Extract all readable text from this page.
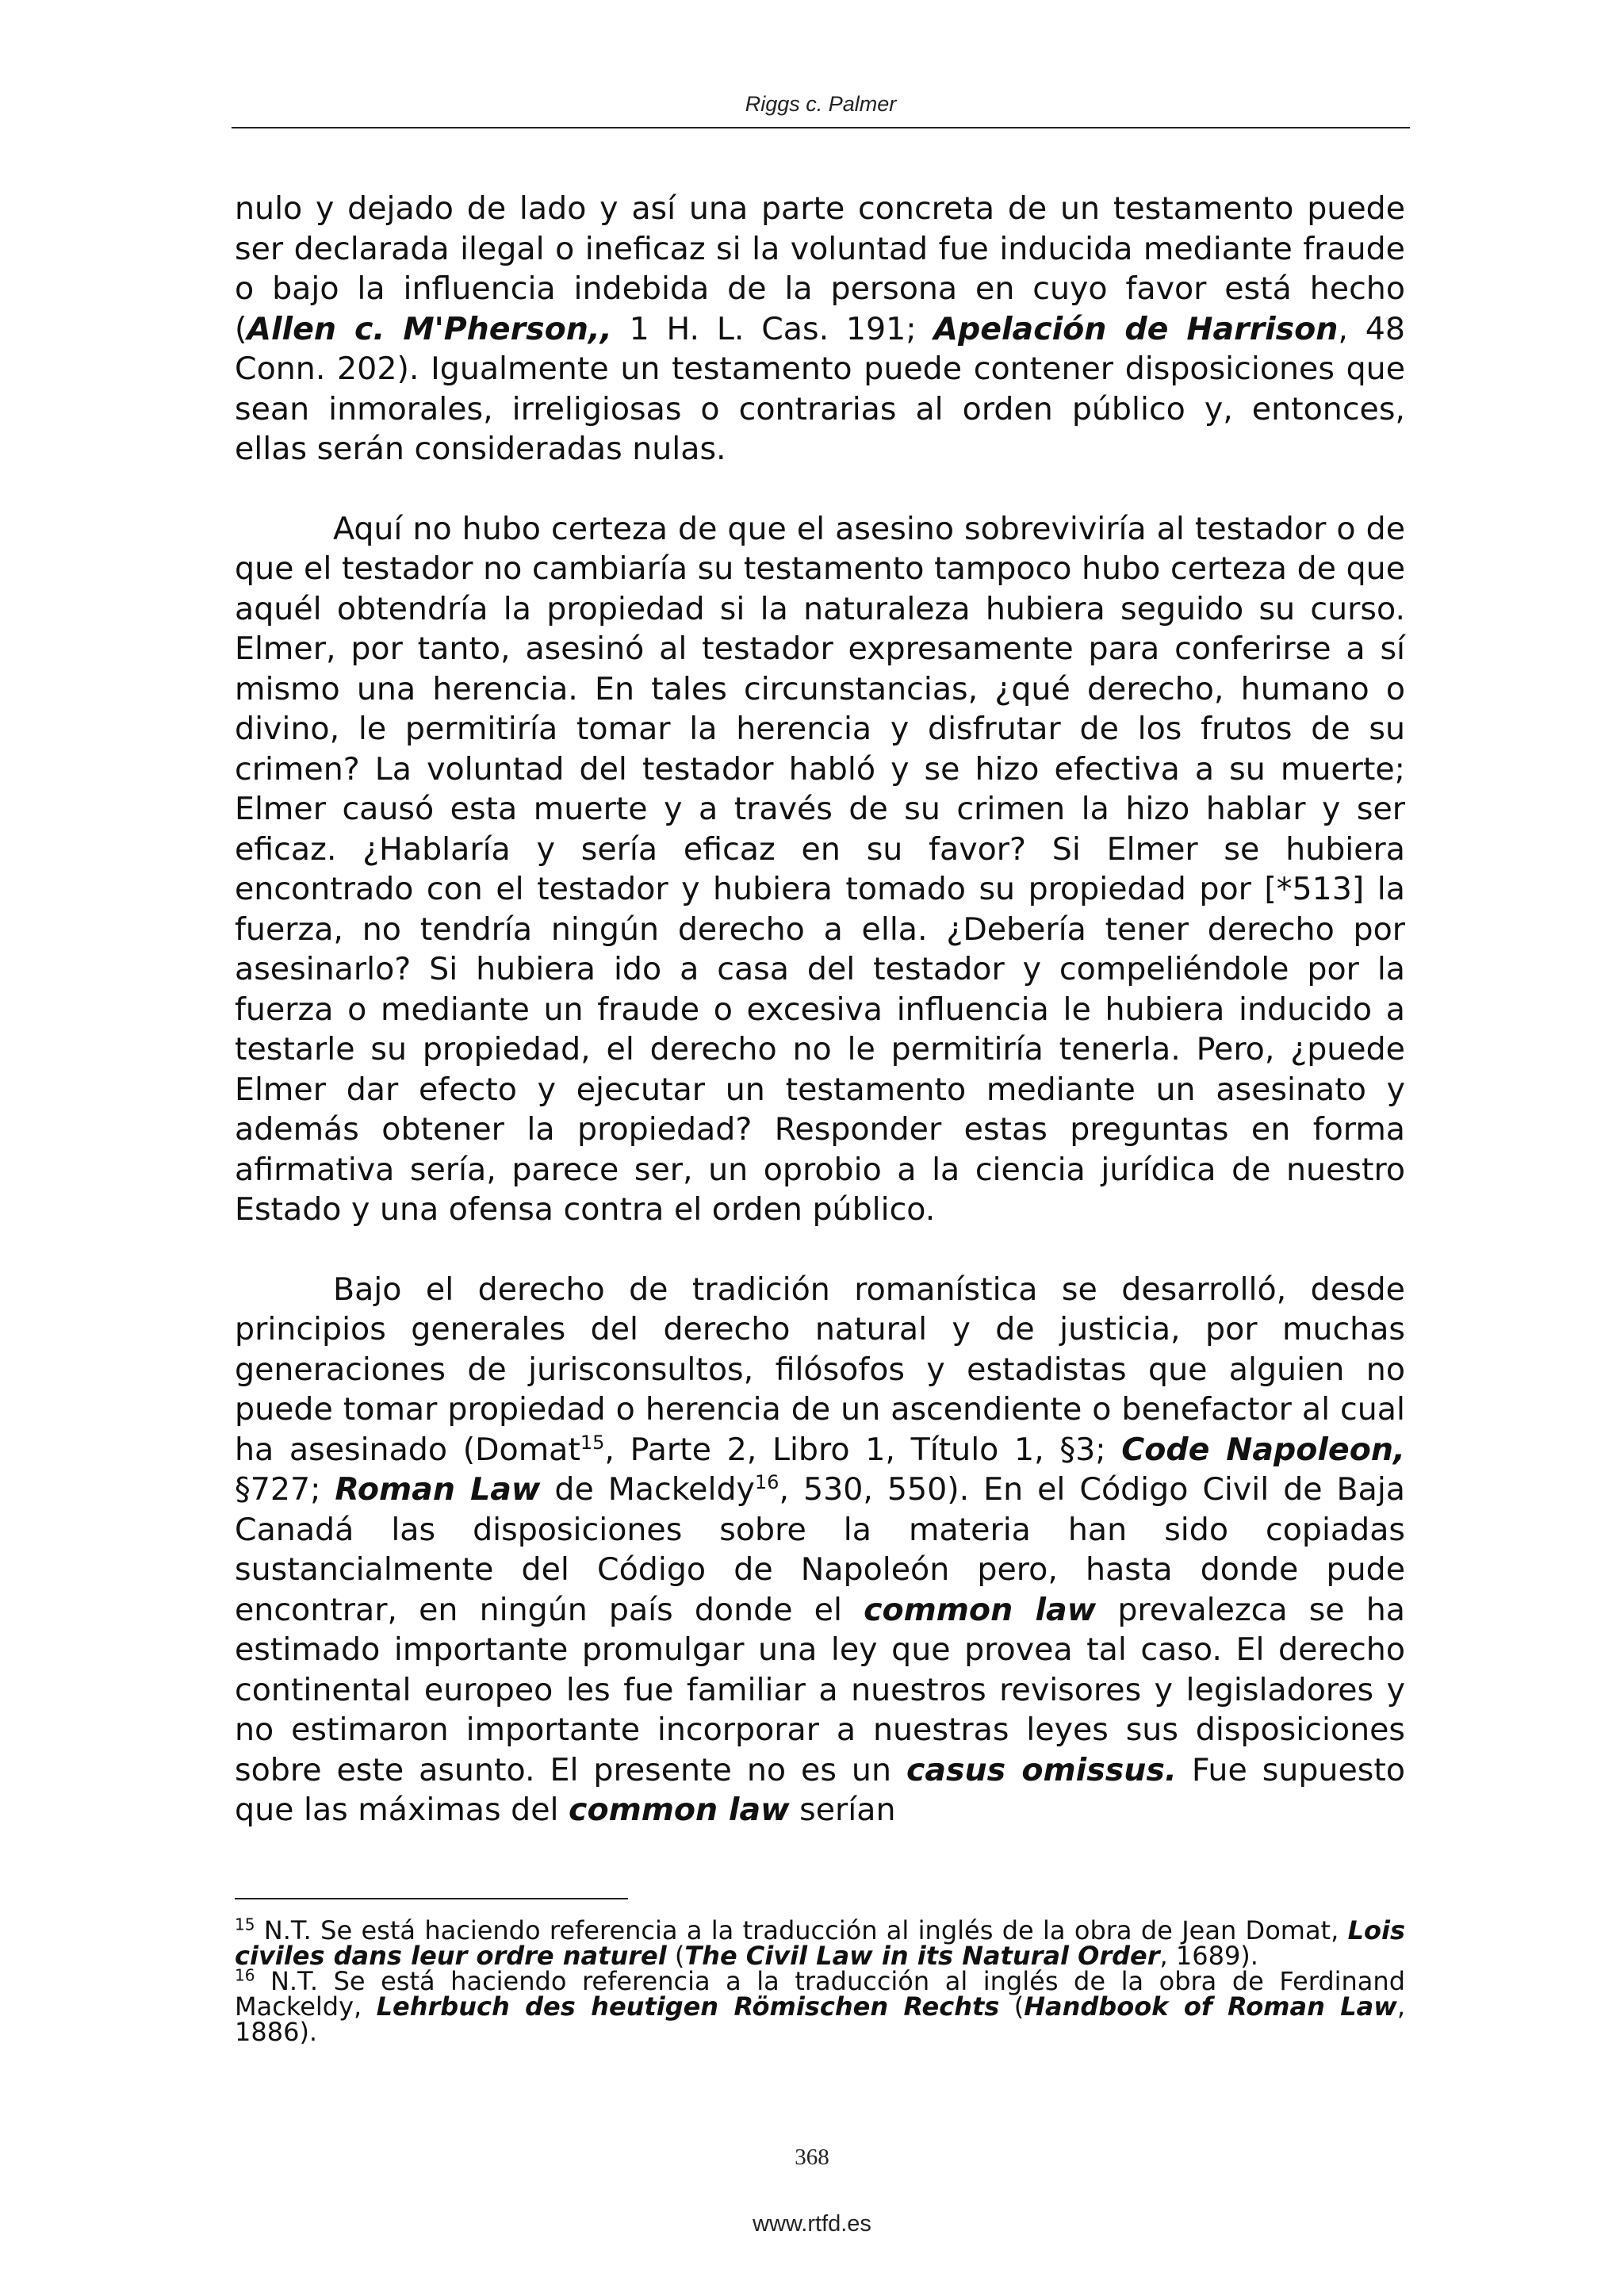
Riggs c. Palmer

nulo y dejado de lado y así una parte concreta de un testamento puede ser declarada ilegal o ineficaz si la voluntad fue inducida mediante fraude o bajo la influencia indebida de la persona en cuyo favor está hecho (Allen c. M'Pherson,, 1 H. L. Cas. 191; Apelación de Harrison, 48 Conn. 202). Igualmente un testamento puede contener disposiciones que sean inmorales, irreligiosas o contrarias al orden público y, entonces, ellas serán consideradas nulas.

Aquí no hubo certeza de que el asesino sobreviviría al testador o de que el testador no cambiaría su testamento tampoco hubo certeza de que aquél obtendría la propiedad si la naturaleza hubiera seguido su curso. Elmer, por tanto, asesinó al testador expresamente para conferirse a sí mismo una herencia. En tales circunstancias, ¿qué derecho, humano o divino, le permitiría tomar la herencia y disfrutar de los frutos de su crimen? La voluntad del testador habló y se hizo efectiva a su muerte; Elmer causó esta muerte y a través de su crimen la hizo hablar y ser eficaz. ¿Hablaría y sería eficaz en su favor? Si Elmer se hubiera encontrado con el testador y hubiera tomado su propiedad por [*513] la fuerza, no tendría ningún derecho a ella. ¿Debería tener derecho por asesinarlo? Si hubiera ido a casa del testador y compeliéndole por la fuerza o mediante un fraude o excesiva influencia le hubiera inducido a testarle su propiedad, el derecho no le permitiría tenerla. Pero, ¿puede Elmer dar efecto y ejecutar un testamento mediante un asesinato y además obtener la propiedad? Responder estas preguntas en forma afirmativa sería, parece ser, un oprobio a la ciencia jurídica de nuestro Estado y una ofensa contra el orden público.

Bajo el derecho de tradición romanística se desarrolló, desde principios generales del derecho natural y de justicia, por muchas generaciones de jurisconsultos, filósofos y estadistas que alguien no puede tomar propiedad o herencia de un ascendiente o benefactor al cual ha asesinado (Domat$^{15}$, Parte 2, Libro 1, Título 1, §3; Code Napoleon, §727; Roman Law de Mackeldy$^{16}$, 530, 550). En el Código Civil de Baja Canadá las disposiciones sobre la materia han sido copiadas sustancialmente del Código de Napoleón pero, hasta donde pude encontrar, en ningún país donde el common law prevalezca se ha estimado importante promulgar una ley que provea tal caso. El derecho continental europeo les fue familiar a nuestros revisores y legisladores y no estimaron importante incorporar a nuestras leyes sus disposiciones sobre este asunto. El presente no es un casus omissus. Fue supuesto que las máximas del common law serían

$^{15}$ N.T. Se está haciendo referencia a la traducción al inglés de la obra de Jean Domat, Lois civiles dans leur ordre naturel (The Civil Law in its Natural Order, 1689).

$^{16}$ N.T. Se está haciendo referencia a la traducción al inglés de la obra de Ferdinand Mackeldy, Lehrbuch des heutigen Römischen Rechts (Handbook of Roman Law, 1886).

368
www.rtfd.es
